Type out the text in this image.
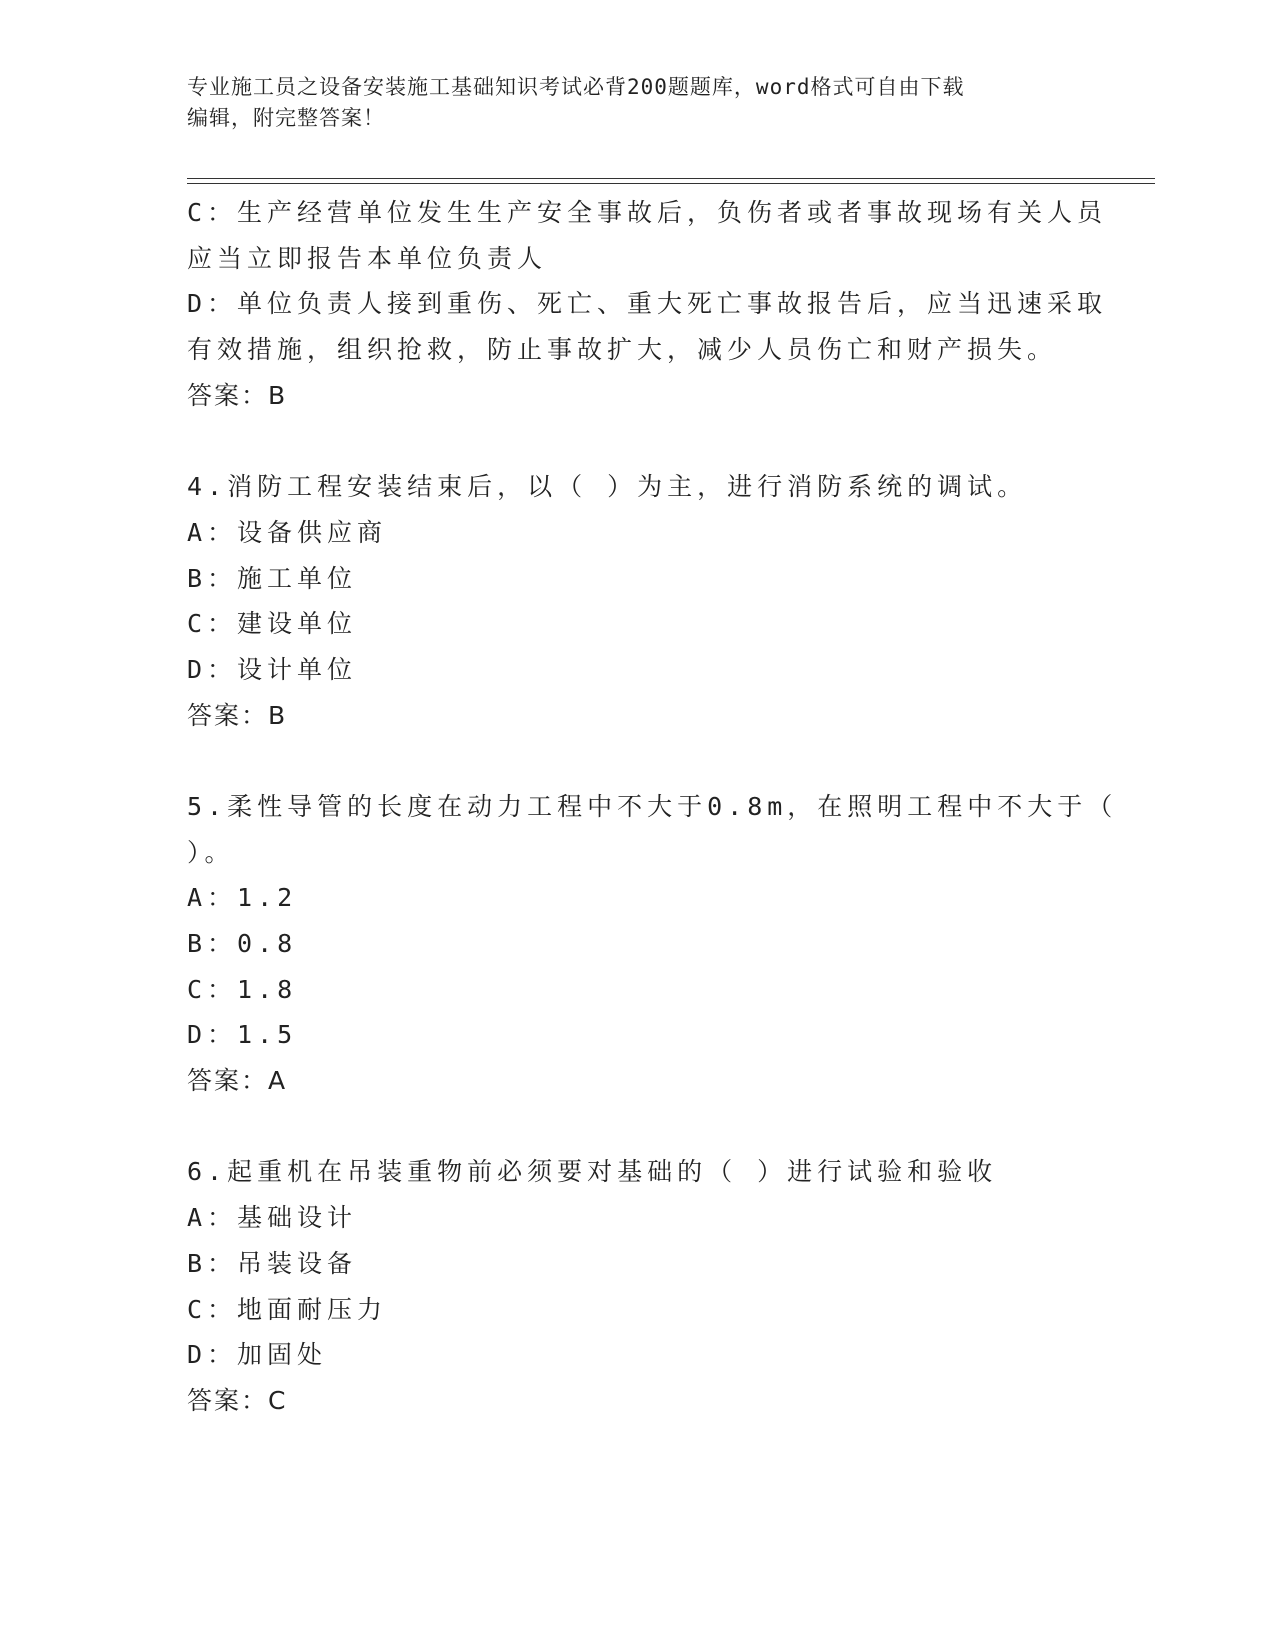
专业施工员之设备安装施工基础知识考试必背200题题库，word格式可自由下载
编辑，附完整答案！
C：生产经营单位发生生产安全事故后，负伤者或者事故现场有关人员
应当立即报告本单位负责人
D：单位负责人接到重伤、死亡、重大死亡事故报告后，应当迅速采取
有效措施，组织抢救，防止事故扩大，减少人员伤亡和财产损失。
答案：B
4.消防工程安装结束后，以（ ）为主，进行消防系统的调试。
A：设备供应商
B：施工单位
C：建设单位
D：设计单位
答案：B
5.柔性导管的长度在动力工程中不大于0.8m，在照明工程中不大于（
）。
A：1.2
B：0.8
C：1.8
D：1.5
答案：A
6.起重机在吊装重物前必须要对基础的（ ）进行试验和验收
A：基础设计
B：吊装设备
C：地面耐压力
D：加固处
答案：C
